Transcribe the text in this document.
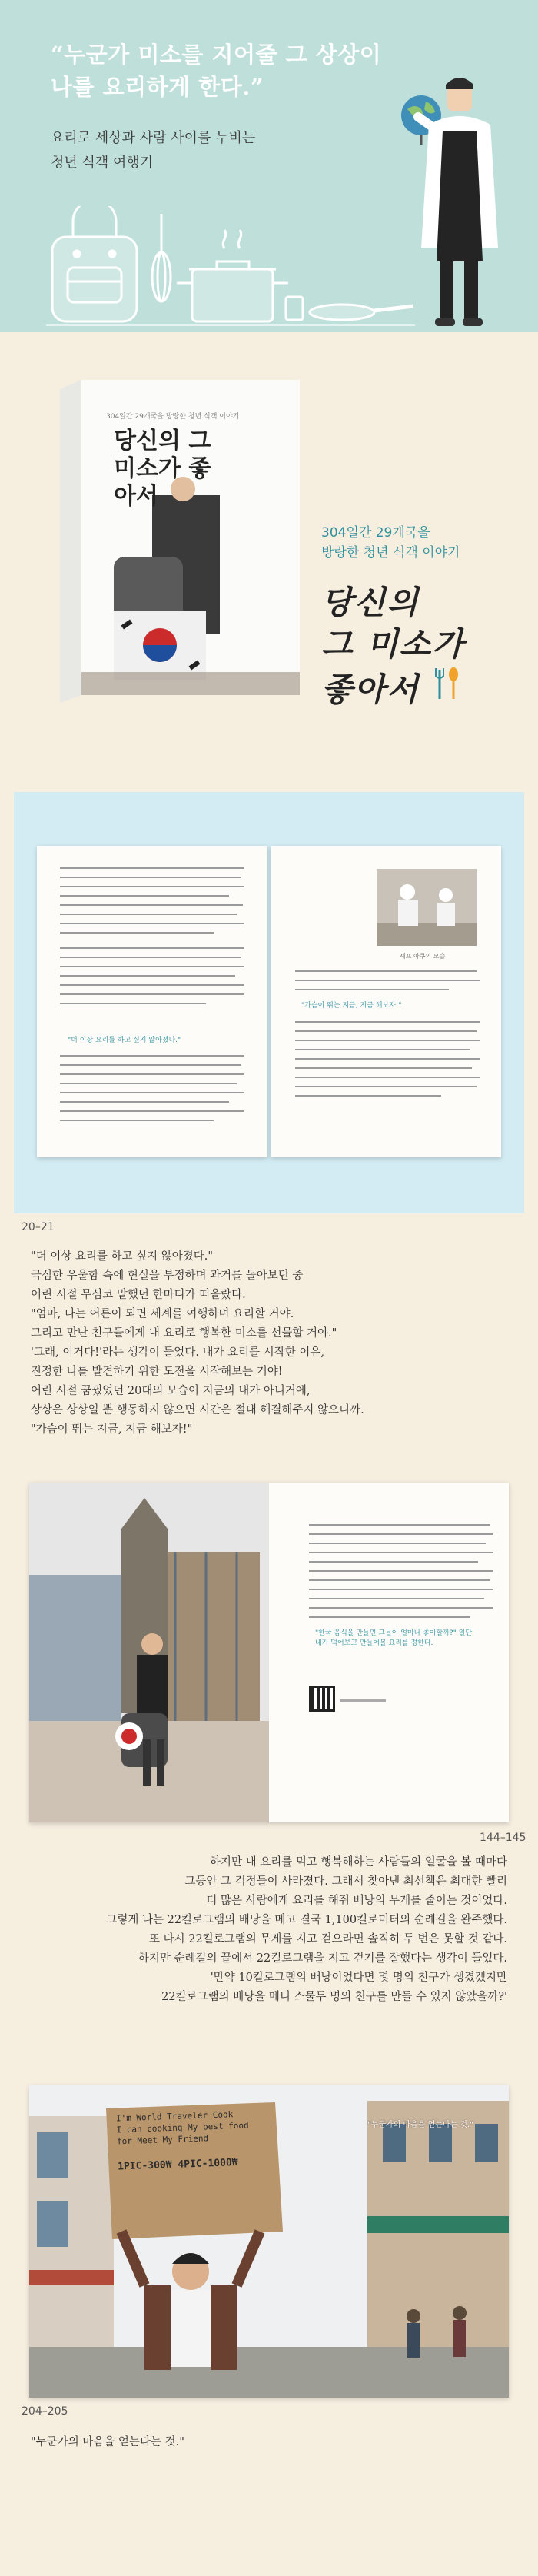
“누군가 미소를 지어줄 그 상상이
나를 요리하게 한다.”
요리로 세상과 사람 사이를 누비는
청년 식객 여행기
304일간 29개국을 방랑한 청년 식객 이야기
당신의 그 미소가 좋아서
304일간 29개국을
방랑한 청년 식객 이야기
당신의
그 미소가
좋아서
"더 이상 요리를 하고 싶지 않아졌다."
셰프 아쿠의 모습
"가슴이 뛰는 지금, 지금 해보자!"
20–21
"더 이상 요리를 하고 싶지 않아졌다."
극심한 우울함 속에 현실을 부정하며 과거를 돌아보던 중
어린 시절 무심코 말했던 한마디가 떠올랐다.
"엄마, 나는 어른이 되면 세계를 여행하며 요리할 거야.
그리고 만난 친구들에게 내 요리로 행복한 미소를 선물할 거야."
'그래, 이거다!'라는 생각이 들었다. 내가 요리를 시작한 이유,
진정한 나를 발견하기 위한 도전을 시작해보는 거야!
어린 시절 꿈꿨었던 20대의 모습이 지금의 내가 아니거에,
상상은 상상일 뿐 행동하지 않으면 시간은 절대 해결해주지 않으니까.
"가슴이 뛰는 지금, 지금 해보자!"
"한국 음식을 만들면 그들이 얼마나 좋아할까?" 일단 내가 먹어보고 만들어볼 요리를 정한다.
144–145
하지만 내 요리를 먹고 행복해하는 사람들의 얼굴을 볼 때마다
그동안 그 걱정들이 사라졌다. 그래서 찾아낸 최선책은 최대한 빨리
더 많은 사람에게 요리를 해줘 배낭의 무게를 줄이는 것이었다.
그렇게 나는 22킬로그램의 배낭을 메고 결국 1,100킬로미터의 순례길을 완주했다.
또 다시 22킬로그램의 무게를 지고 걷으라면 솔직히 두 번은 못할 것 같다.
하지만 순례길의 끝에서 22킬로그램을 지고 걷기를 잘했다는 생각이 들었다.
'만약 10킬로그램의 배낭이었다면 몇 명의 친구가 생겼겠지만
22킬로그램의 배낭을 메니 스물두 명의 친구를 만들 수 있지 않았을까?'
I'm World Traveler Cook
I can cooking My best food
for Meet My Friend
1PIC-300₩ 4PIC-1000₩
"누군가의 마음을 얻는다는 것."
204–205
"누군가의 마음을 얻는다는 것."
